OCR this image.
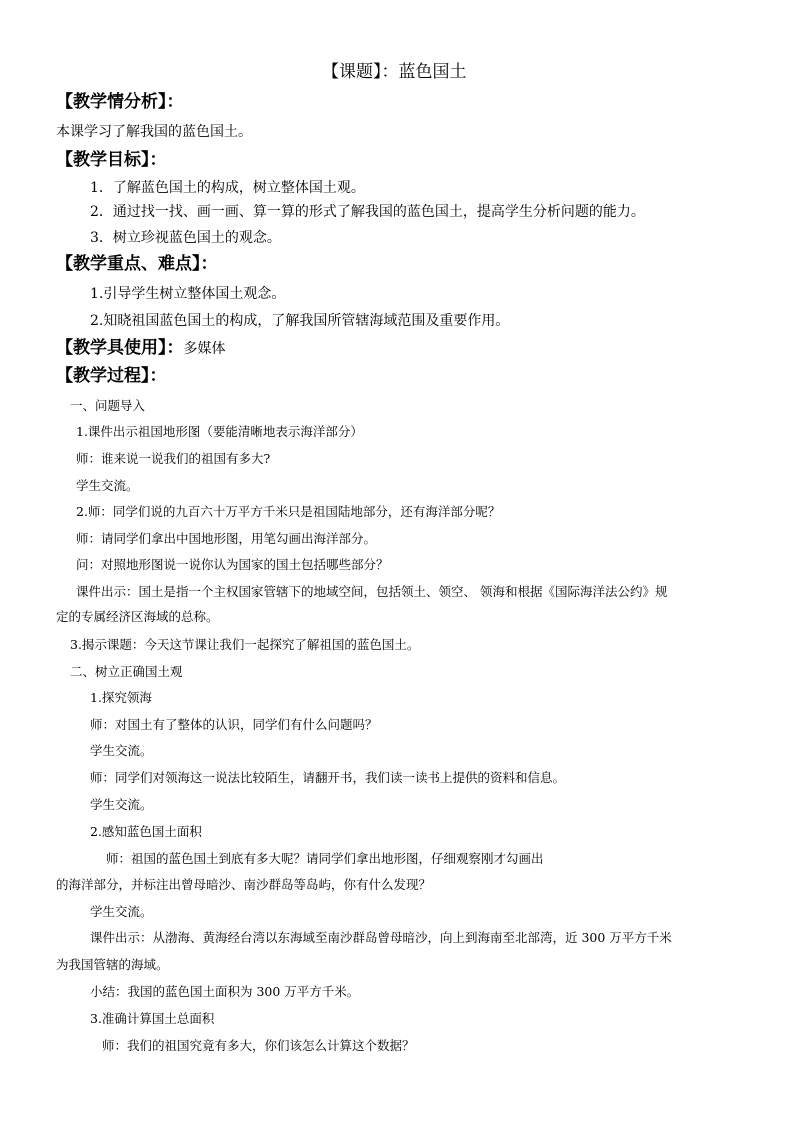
【课题】：蓝色国土
【教学情分析】：
本课学习了解我国的蓝色国土。
【教学目标】：
1．了解蓝色国土的构成，树立整体国土观。
2．通过找一找、画一画、算一算的形式了解我国的蓝色国土，提高学生分析问题的能力。
3．树立珍视蓝色国土的观念。
【教学重点、难点】：
1.引导学生树立整体国土观念。
2.知晓祖国蓝色国土的构成，了解我国所管辖海域范围及重要作用。
【教学具使用】：多媒体
【教学过程】：
一、问题导入
1.课件出示祖国地形图（要能清晰地表示海洋部分）
师：谁来说一说我们的祖国有多大?
学生交流。
2.师：同学们说的九百六十万平方千米只是祖国陆地部分，还有海洋部分呢？
师：请同学们拿出中国地形图，用笔勾画出海洋部分。
问：对照地形图说一说你认为国家的国土包括哪些部分？
课件出示：国土是指一个主权国家管辖下的地域空间，包括领土、领空、 领海和根据《国际海洋法公约》规
定的专属经济区海域的总称。
3.揭示课题：今天这节课让我们一起探究了解祖国的蓝色国土。
二、树立正确国土观
1.探究领海
师：对国土有了整体的认识，同学们有什么问题吗？
学生交流。
师：同学们对领海这一说法比较陌生，请翻开书，我们读一读书上提供的资料和信息。
学生交流。
2.感知蓝色国土面积
师：祖国的蓝色国土到底有多大呢？请同学们拿出地形图，仔细观察刚才勾画出
的海洋部分，并标注出曾母暗沙、南沙群岛等岛屿，你有什么发现？
学生交流。
课件出示：从渤海、黄海经台湾以东海域至南沙群岛曾母暗沙，向上到海南至北部湾，近 300 万平方千米
为我国管辖的海域。
小结：我国的蓝色国土面积为 300 万平方千米。
3.准确计算国土总面积
师：我们的祖国究竟有多大，你们该怎么计算这个数据？
